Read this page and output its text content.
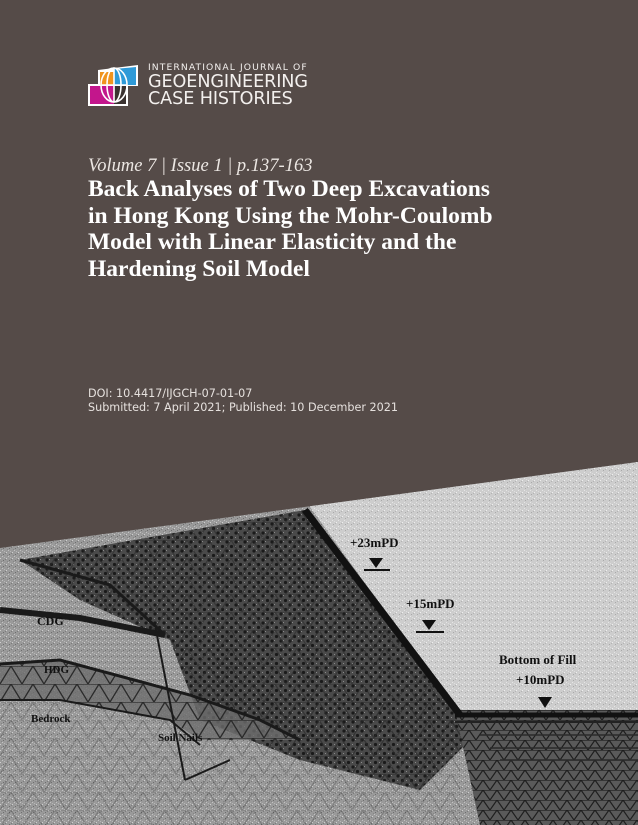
+23mPD
+15mPD
Bottom of Fill
+10mPD
CDG
HDG
Bedrock
Soil Nails
INTERNATIONAL JOURNAL OF
GEOENGINEERING
CASE HISTORIES
Volume 7 | Issue 1 | p.137-163
Back Analyses of Two Deep Excavations
in Hong Kong Using the Mohr-Coulomb
Model with Linear Elasticity and the
Hardening Soil Model
DOI: 10.4417/IJGCH-07-01-07
Submitted: 7 April 2021; Published: 10 December 2021
